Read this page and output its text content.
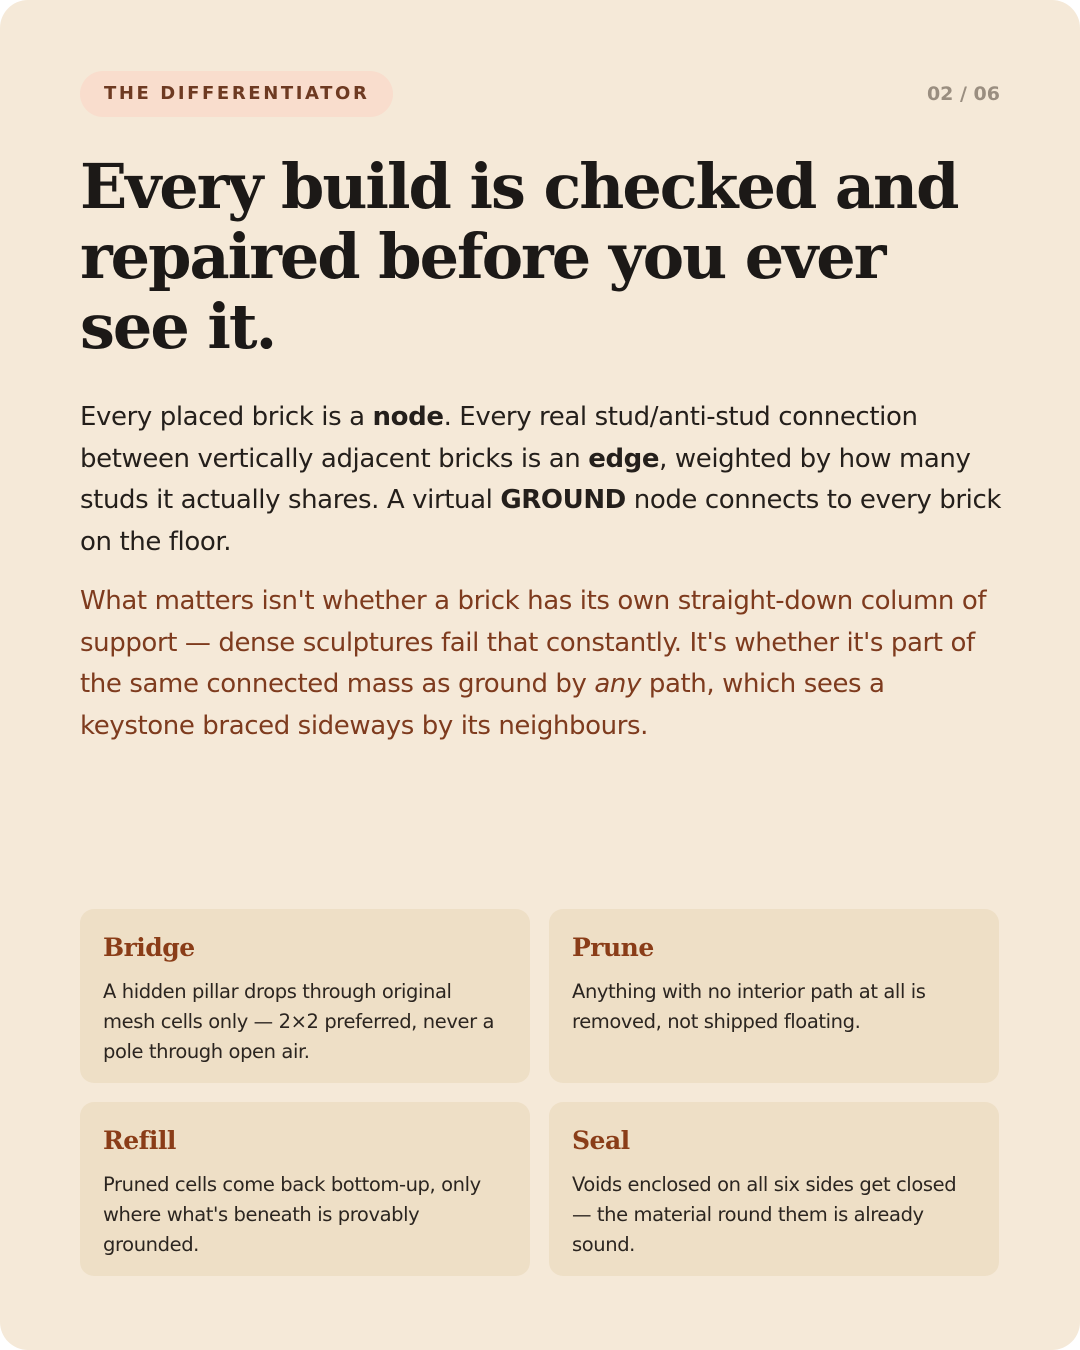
THE DIFFERENTIATOR	02 / 06
Every build is checked and repaired before you ever see it.

Every placed brick is a node. Every real stud/anti-stud connection between vertically adjacent bricks is an edge, weighted by how many studs it actually shares. A virtual GROUND node connects to every brick on the floor.

What matters isn't whether a brick has its own straight-down column of support — dense sculptures fail that constantly. It's whether it's part of the same connected mass as ground by any path, which sees a keystone braced sideways by its neighbours.

Bridge
A hidden pillar drops through original mesh cells only — 2×2 preferred, never a pole through open air.
Prune
Anything with no interior path at all is removed, not shipped floating.
Refill
Pruned cells come back bottom-up, only where what's beneath is provably grounded.
Seal
Voids enclosed on all six sides get closed — the material round them is already sound.
